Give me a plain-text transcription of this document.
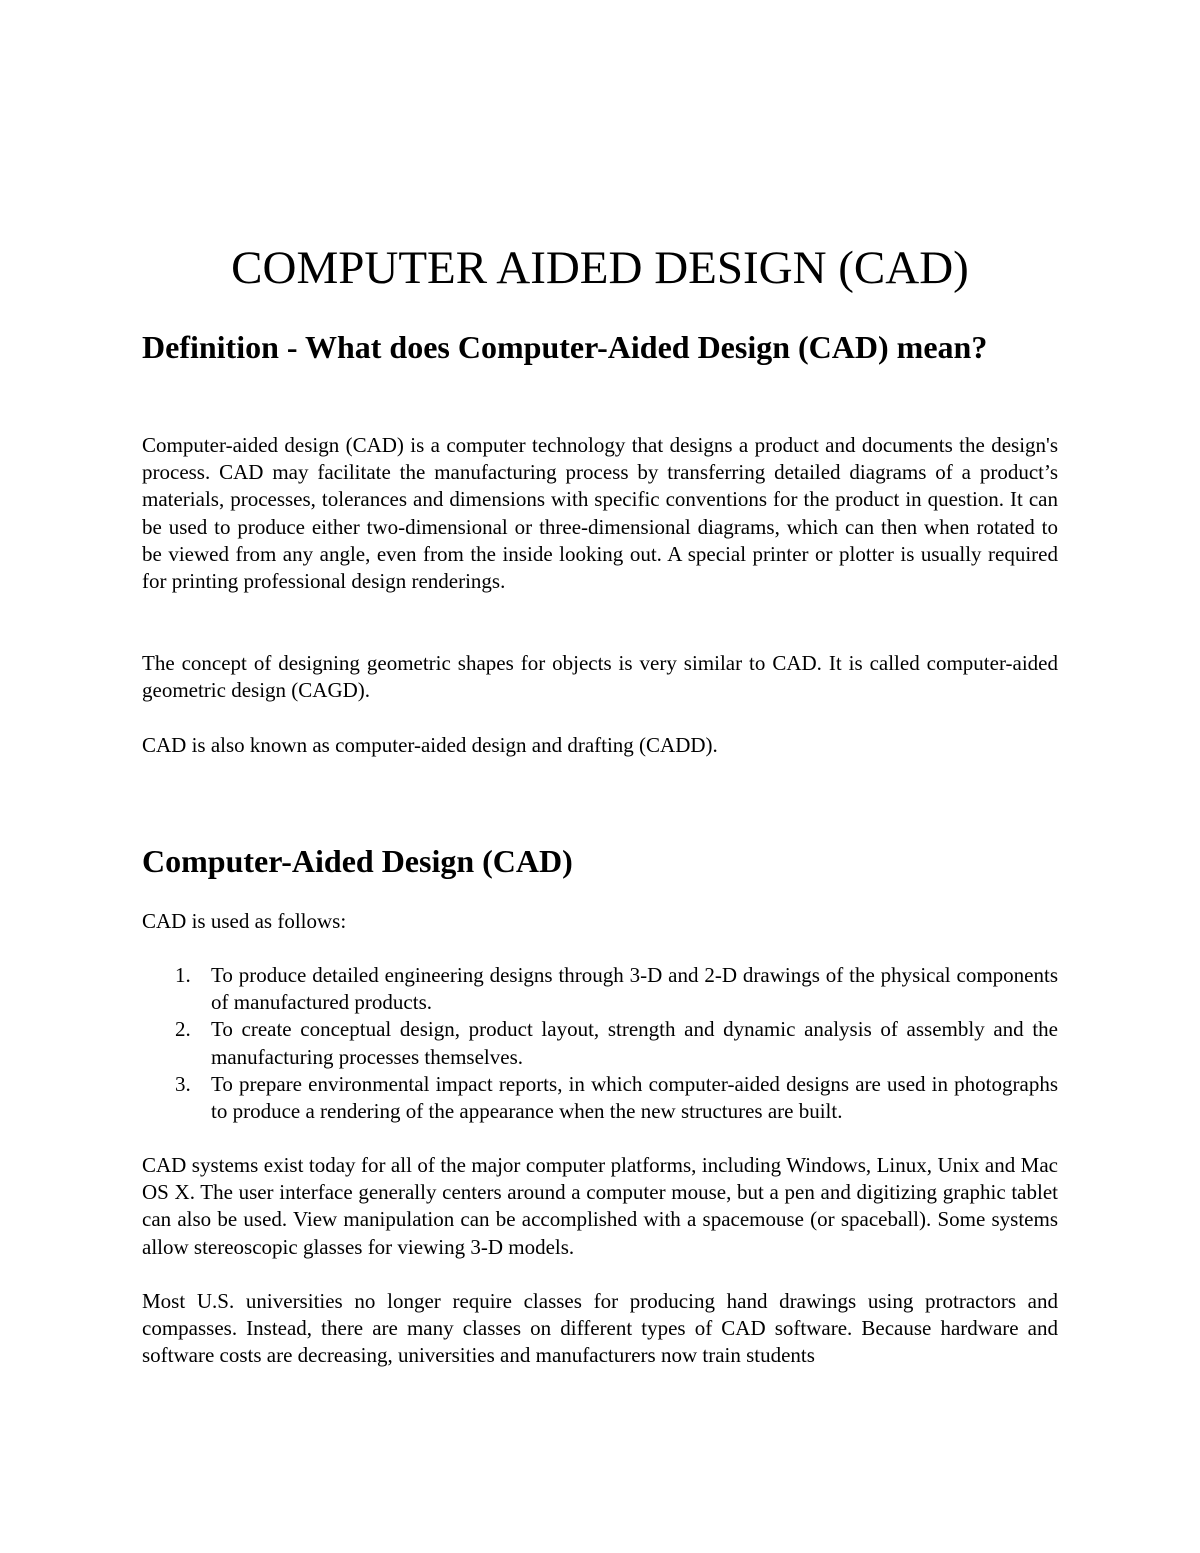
COMPUTER AIDED DESIGN (CAD)
Definition - What does Computer-Aided Design (CAD) mean?

Computer-aided design (CAD) is a computer technology that designs a product and documents the design's process. CAD may facilitate the manufacturing process by transferring detailed diagrams of a product’s materials, processes, tolerances and dimensions with specific conventions for the product in question. It can be used to produce either two-dimensional or three-dimensional diagrams, which can then when rotated to be viewed from any angle, even from the inside looking out. A special printer or plotter is usually required for printing professional design renderings.

The concept of designing geometric shapes for objects is very similar to CAD. It is called computer-aided geometric design (CAGD).

CAD is also known as computer-aided design and drafting (CADD).

Computer-Aided Design (CAD)

CAD is used as follows:

1. To produce detailed engineering designs through 3-D and 2-D drawings of the physical components of manufactured products.
2. To create conceptual design, product layout, strength and dynamic analysis of assembly and the manufacturing processes themselves.
3. To prepare environmental impact reports, in which computer-aided designs are used in photographs to produce a rendering of the appearance when the new structures are built.

CAD systems exist today for all of the major computer platforms, including Windows, Linux, Unix and Mac OS X. The user interface generally centers around a computer mouse, but a pen and digitizing graphic tablet can also be used. View manipulation can be accomplished with a spacemouse (or spaceball). Some systems allow stereoscopic glasses for viewing 3-D models.

Most U.S. universities no longer require classes for producing hand drawings using protractors and compasses. Instead, there are many classes on different types of CAD software. Because hardware and software costs are decreasing, universities and manufacturers now train students
